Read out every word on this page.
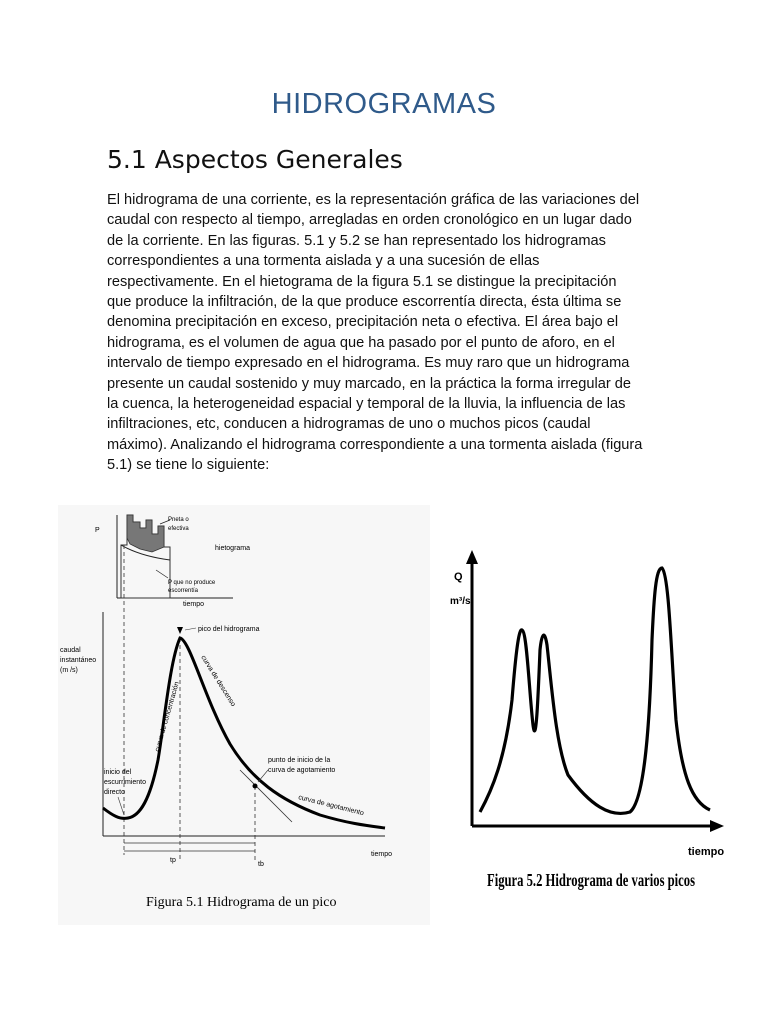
HIDROGRAMAS
5.1 Aspectos Generales
El hidrograma de una corriente, es la representación gráfica de las variaciones del
caudal con respecto al tiempo, arregladas en orden cronológico en un lugar dado
de la corriente. En las figuras. 5.1 y 5.2 se han representado los hidrogramas
correspondientes a una tormenta aislada y a una sucesión de ellas
respectivamente. En el hietograma de la figura 5.1 se distingue la precipitación
que produce la infiltración, de la que produce escorrentía directa, ésta última se
denomina precipitación en exceso, precipitación neta o efectiva. El área bajo el
hidrograma, es el volumen de agua que ha pasado por el punto de aforo, en el
intervalo de tiempo expresado en el hidrograma. Es muy raro que un hidrograma
presente un caudal sostenido y muy marcado, en la práctica la forma irregular de
la cuenca, la heterogeneidad espacial y temporal de la lluvia, la influencia de las
infiltraciones, etc, conducen a hidrogramas de uno o muchos picos (caudal
máximo). Analizando el hidrograma correspondiente a una tormenta aislada (figura
5.1) se tiene lo siguiente:
P
Pneta o
efectiva
hietograma
P que no produce
escorrentía
tiempo
caudal
instantáneo
(m /s)
tp
tb
tiempo
pico del hidrograma
curva de concentración	curva de descenso
punto de inicio de la
curva de agotamiento
curva de agotamiento
inicio del
escurrimiento
directo
Figura 5.1 Hidrograma de un pico
Q
m³/s
tiempo
Figura 5.2 Hidrograma de varios picos
